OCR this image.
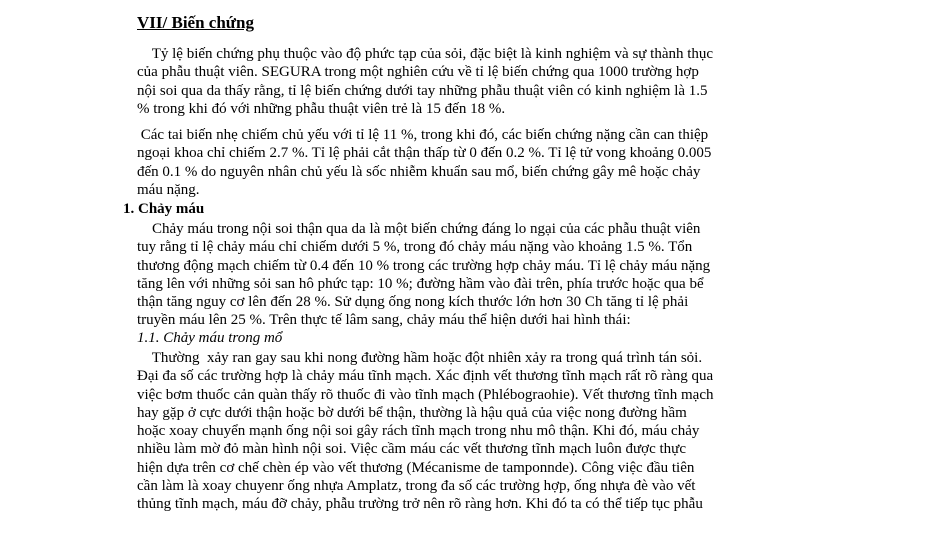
VII/ Biến chứng
Tỷ lệ biến chứng phụ thuộc vào độ phức tạp của sỏi, đặc biệt là kinh nghiệm và sự thành thục
của phẫu thuật viên. SEGURA trong một nghiên cứu về tỉ lệ biến chứng qua 1000 trường hợp
nội soi qua da thấy rằng, tỉ lệ biến chứng dưới tay những phẫu thuật viên có kinh nghiệm là 1.5
% trong khi đó với những phẫu thuật viên trẻ là 15 đến 18 %.
Các tai biến nhẹ chiếm chủ yếu với tỉ lệ 11 %, trong khi đó, các biến chứng nặng cần can thiệp
ngoại khoa chỉ chiếm 2.7 %. Tỉ lệ phải cắt thận thấp từ 0 đến 0.2 %. Tỉ lệ tử vong khoảng 0.005
đến 0.1 % do nguyên nhân chủ yếu là sốc nhiễm khuẩn sau mổ, biến chứng gây mê hoặc chảy
máu nặng.
1. Chảy máu
Chảy máu trong nội soi thận qua da là một biến chứng đáng lo ngại của các phẫu thuật viên
tuy rằng tỉ lệ chảy máu chỉ chiếm dưới 5 %, trong đó chảy máu nặng vào khoảng 1.5 %. Tổn
thương động mạch chiếm từ 0.4 đến 10 % trong các trường hợp chảy máu. Tỉ lệ chảy máu nặng
tăng lên với những sỏi san hô phức tạp: 10 %; đường hầm vào đài trên, phía trước hoặc qua bể
thận tăng nguy cơ lên đến 28 %. Sử dụng ống nong kích thước lớn hơn 30 Ch tăng tỉ lệ phải
truyền máu lên 25 %. Trên thực tế lâm sang, chảy máu thể hiện dưới hai hình thái:
1.1. Chảy máu trong mổ
Thường  xảy ran gay sau khi nong đường hầm hoặc đột nhiên xảy ra trong quá trình tán sỏi.
Đại đa số các trường hợp là chảy máu tĩnh mạch. Xác định vết thương tĩnh mạch rất rõ ràng qua
việc bơm thuốc cản quàn thấy rõ thuốc đi vào tĩnh mạch (Phlébograohie). Vết thương tĩnh mạch
hay gặp ở cực dưới thận hoặc bờ dưới bể thận, thường là hậu quả của việc nong đường hầm
hoặc xoay chuyển mạnh ống nội soi gây rách tĩnh mạch trong nhu mô thận. Khi đó, máu chảy
nhiều làm mờ đỏ màn hình nội soi. Việc cầm máu các vết thương tĩnh mạch luôn được thực
hiện dựa trên cơ chế chèn ép vào vết thương (Mécanisme de tamponnde). Công việc đầu tiên
cần làm là xoay chuyenr ống nhựa Amplatz, trong đa số các trường hợp, ống nhựa đè vào vết
thủng tĩnh mạch, máu đỡ chảy, phẫu trường trở nên rõ ràng hơn. Khi đó ta có thể tiếp tục phẫu
